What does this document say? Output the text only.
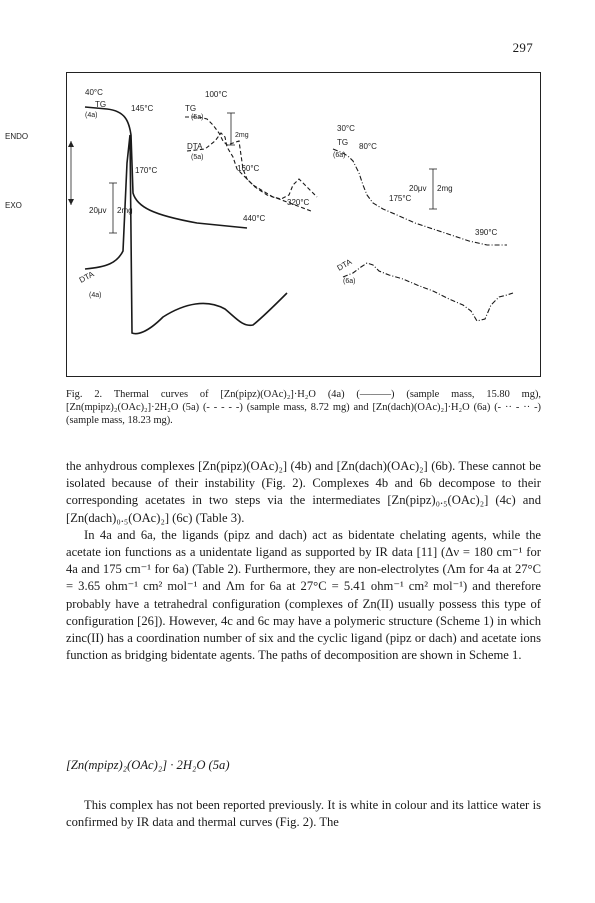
297
40°C
TG
(4a)
145°C
100°C
TG
(5a)
2mg
DTA
(5a)
160°C
170°C
20μv 2mg
320°C
440°C
DTA
(4a)
30°C
TG
(6a)
80°C
20μv 2mg
175°C
390°C
DTA
(6a)
ENDO
EXO
Fig. 2. Thermal curves of [Zn(pipz)(OAc)₂]·H₂O (4a) (———) (sample mass, 15.80 mg), [Zn(mpipz)₂(OAc)₂]·2H₂O (5a) (- - - - -) (sample mass, 8.72 mg) and [Zn(dach)(OAc)₂]·H₂O (6a) (- ·· - ·· -) (sample mass, 18.23 mg).

the anhydrous complexes [Zn(pipz)(OAc)₂] (4b) and [Zn(dach)(OAc)₂] (6b). These cannot be isolated because of their instability (Fig. 2). Complexes 4b and 6b decompose to their corresponding acetates in two steps via the intermediates [Zn(pipz)₀.₅(OAc)₂] (4c) and [Zn(dach)₀.₅(OAc)₂] (6c) (Table 3).

In 4a and 6a, the ligands (pipz and dach) act as bidentate chelating agents, while the acetate ion functions as a unidentate ligand as supported by IR data [11] (Δν = 180 cm⁻¹ for 4a and 175 cm⁻¹ for 6a) (Table 2). Furthermore, they are non-electrolytes (Λm for 4a at 27°C = 3.65 ohm⁻¹ cm² mol⁻¹ and Λm for 6a at 27°C = 5.41 ohm⁻¹ cm² mol⁻¹) and therefore probably have a tetrahedral configuration (complexes of Zn(II) usually possess this type of configuration [26]). However, 4c and 6c may have a polymeric structure (Scheme 1) in which zinc(II) has a coordination number of six and the cyclic ligand (pipz or dach) and acetate ions function as bridging bidentate agents. The paths of decomposition are shown in Scheme 1.

[Zn(mpipz)₂(OAc)₂] · 2H₂O (5a)
This complex has not been reported previously. It is white in colour and its lattice water is confirmed by IR data and thermal curves (Fig. 2). The
